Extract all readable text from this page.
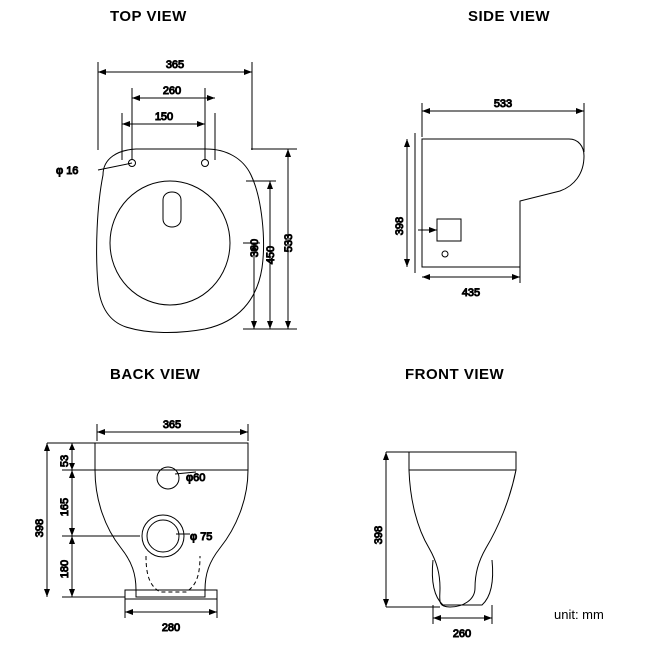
TOP VIEW	SIDE VIEW
BACK VIEW	FRONT VIEW
unit: mm
365
260
150
φ 16
533
450
330
533
398
435
365
53
165
180
398
φ60
φ 75
280
398
260
